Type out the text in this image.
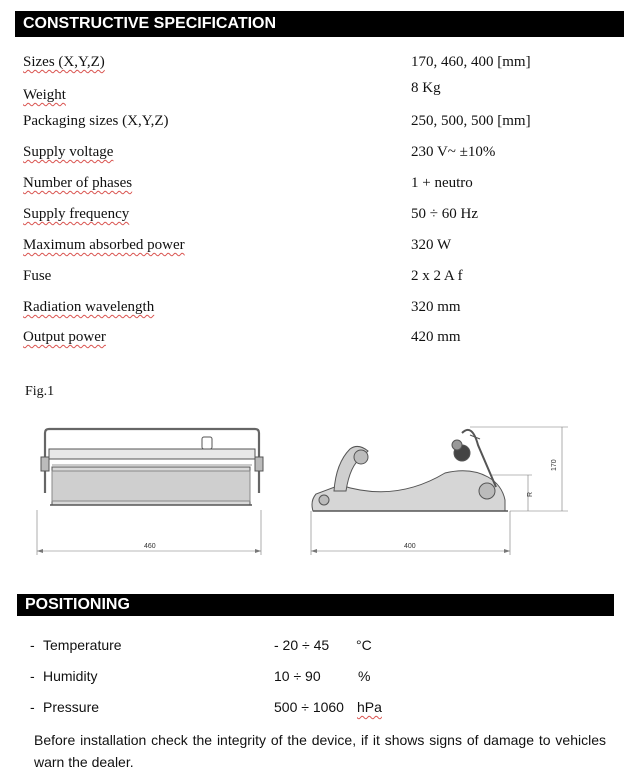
CONSTRUCTIVE SPECIFICATION
Sizes (X,Y,Z)	170, 460, 400 [mm]
Weight	8 Kg
Packaging sizes (X,Y,Z)	250, 500, 500 [mm]
Supply voltage	230 V~ ±10%
Number of phases	1 + neutro
Supply frequency	50 ÷ 60 Hz
Maximum absorbed power	320 W
Fuse	2 x 2 A f
Radiation wavelength	320 mm
Output power	420 mm
Fig.1
460	400
170
R
POSITIONING
- Temperature	- 20 ÷ 45 °C
- Humidity	10 ÷ 90	%
- Pressure	500 ÷ 1060 hPa
Before installation check the integrity of the device, if it shows signs of damage to vehicles warn the dealer.
